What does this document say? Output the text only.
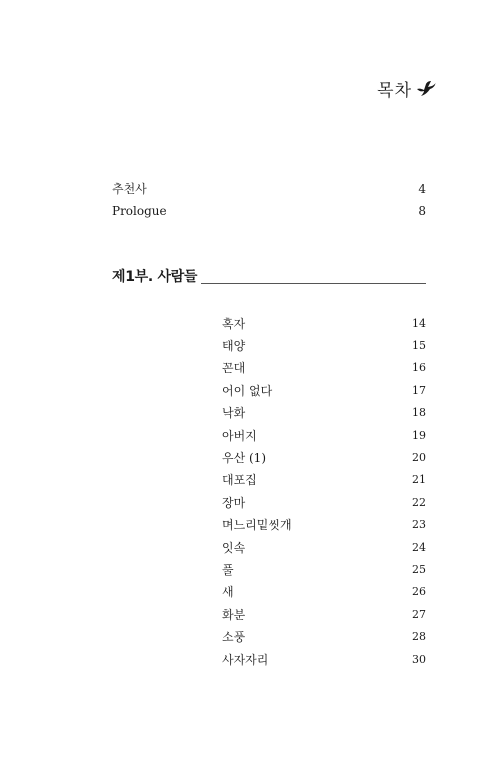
목차
추천사	4
Prologue	8
제1부. 사람들
혹자	14
태양	15
꼰대	16
어이 없다	17
낙화	18
아버지	19
우산 (1)	20
대포집	21
장마	22
며느리밑씻개	23
잇속	24
풀	25
새	26
화분	27
소풍	28
사자자리	30
